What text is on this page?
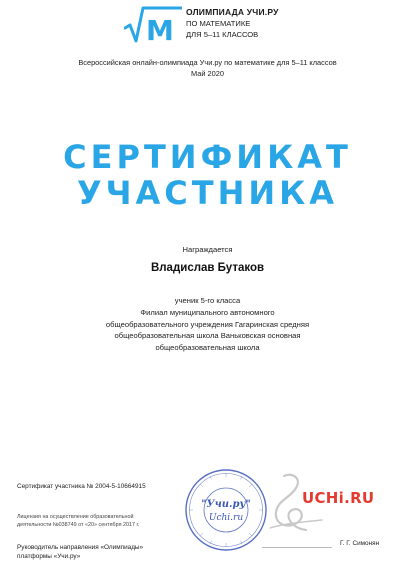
M
ОЛИМПИАДА УЧИ.РУ
ПО МАТЕМАТИКЕ
ДЛЯ 5–11 КЛАССОВ
Всероссийская онлайн-олимпиада Учи.ру по математике для 5–11 классов
Май 2020
СЕРТИФИКАТ
УЧАСТНИКА
Награждается
Владислав Бутаков
ученик 5-го класса
Филиал муниципального автономного
общеобразовательного учреждения Гагаринская средняя
общеобразовательная школа Ваньковская основная
общеобразовательная школа
Сертификат участника № 2004-5-10664915
Лицензия на осуществление образовательной
деятельности №038749 от «20» сентября 2017 г.
Руководитель направления «Олимпиады»
платформы «Учи.ру»
"Учи.ру"
Uchi.ru
UCHi.RU
Г. Г. Симонян
